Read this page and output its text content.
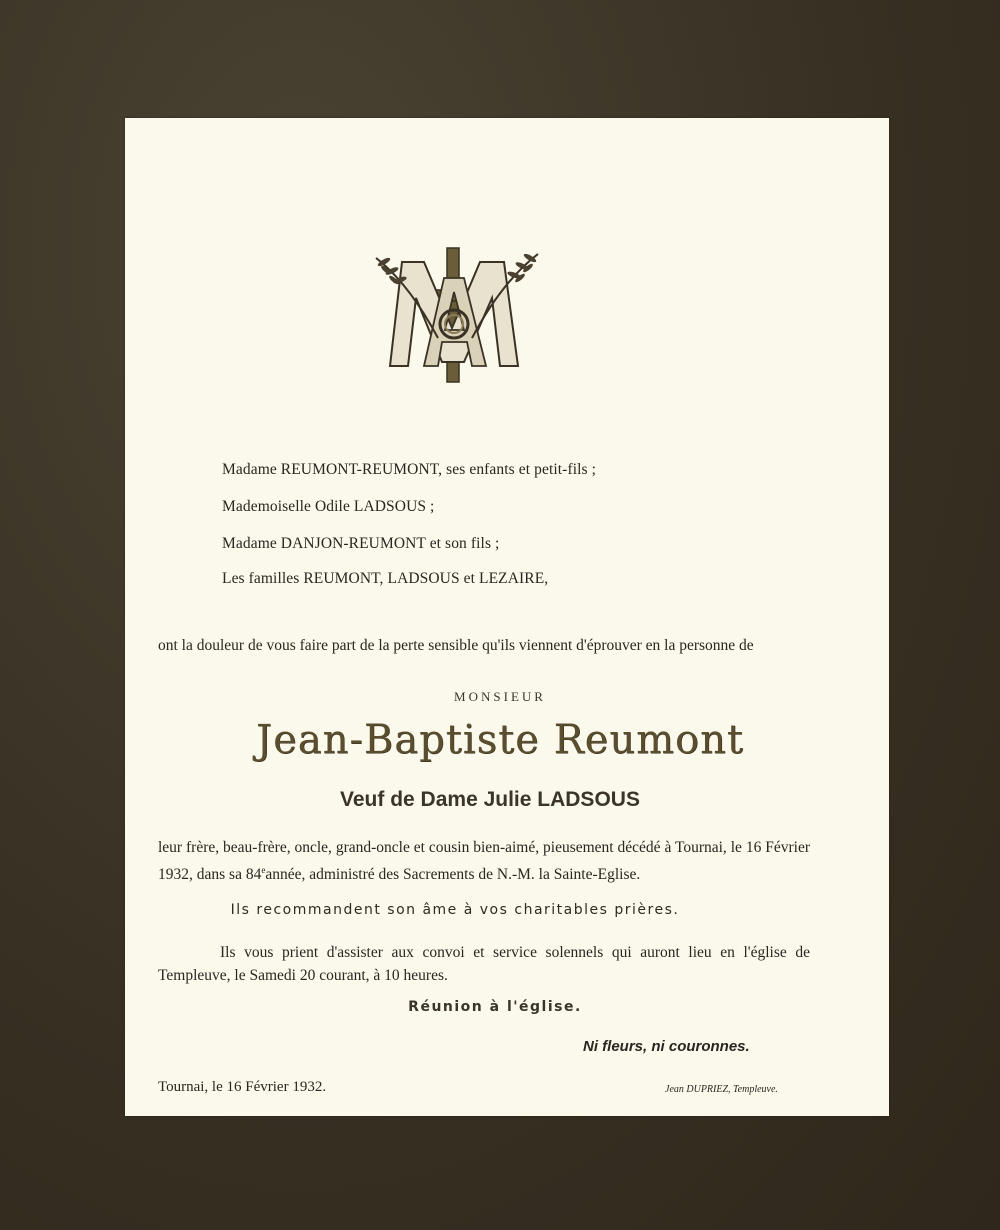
Madame REUMONT-REUMONT, ses enfants et petit-fils ;
Mademoiselle Odile LADSOUS ;
Madame DANJON-REUMONT et son fils ;
Les familles REUMONT, LADSOUS et LEZAIRE,
ont la douleur de vous faire part de la perte sensible qu'ils viennent d'éprouver en la personne de
MONSIEUR
Jean-Baptiste Reumont
Veuf de Dame Julie LADSOUS
leur frère, beau-frère, oncle, grand-oncle et cousin bien-aimé, pieusement décédé à Tournai, le 16 Février 1932, dans sa 84eannée, administré des Sacrements de N.-M. la Sainte-Eglise.
Ils recommandent son âme à vos charitables prières.
Ils vous prient d'assister aux convoi et service solennels qui auront lieu en l'église de Templeuve, le Samedi 20 courant, à 10 heures.
Réunion à l'église.
Ni fleurs, ni couronnes.
Tournai, le 16 Février 1932.	Jean DUPRIEZ, Templeuve.
